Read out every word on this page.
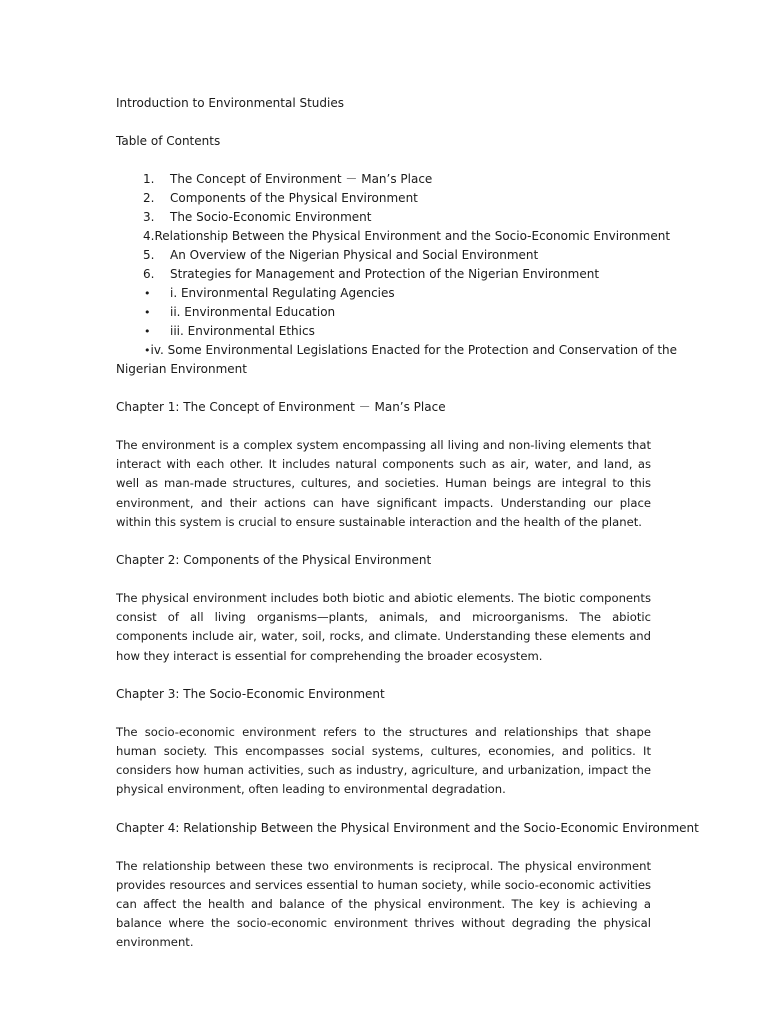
Introduction to Environmental Studies
Table of Contents
1.	The Concept of Environment － Man’s Place
2.	Components of the Physical Environment
3.	The Socio-Economic Environment
4. Relationship Between the Physical Environment and the Socio-Economic Environment
5.	An Overview of the Nigerian Physical and Social Environment
6.	Strategies for Management and Protection of the Nigerian Environment
•	i. Environmental Regulating Agencies
•	ii. Environmental Education
•	iii. Environmental Ethics
• iv. Some Environmental Legislations Enacted for the Protection and Conservation of the
Nigerian Environment
Chapter 1: The Concept of Environment － Man’s Place
The environment is a complex system encompassing all living and non-living elements that interact with each other. It includes natural components such as air, water, and land, as well as man-made structures, cultures, and societies. Human beings are integral to this environment, and their actions can have significant impacts. Understanding our place within this system is crucial to ensure sustainable interaction and the health of the planet.
Chapter 2: Components of the Physical Environment
The physical environment includes both biotic and abiotic elements. The biotic components consist of all living organisms—plants, animals, and microorganisms. The abiotic components include air, water, soil, rocks, and climate. Understanding these elements and how they interact is essential for comprehending the broader ecosystem.
Chapter 3: The Socio-Economic Environment
The socio-economic environment refers to the structures and relationships that shape human society. This encompasses social systems, cultures, economies, and politics. It considers how human activities, such as industry, agriculture, and urbanization, impact the physical environment, often leading to environmental degradation.
Chapter 4: Relationship Between the Physical Environment and the Socio-Economic Environment
The relationship between these two environments is reciprocal. The physical environment provides resources and services essential to human society, while socio-economic activities can affect the health and balance of the physical environment. The key is achieving a balance where the socio-economic environment thrives without degrading the physical environment.
